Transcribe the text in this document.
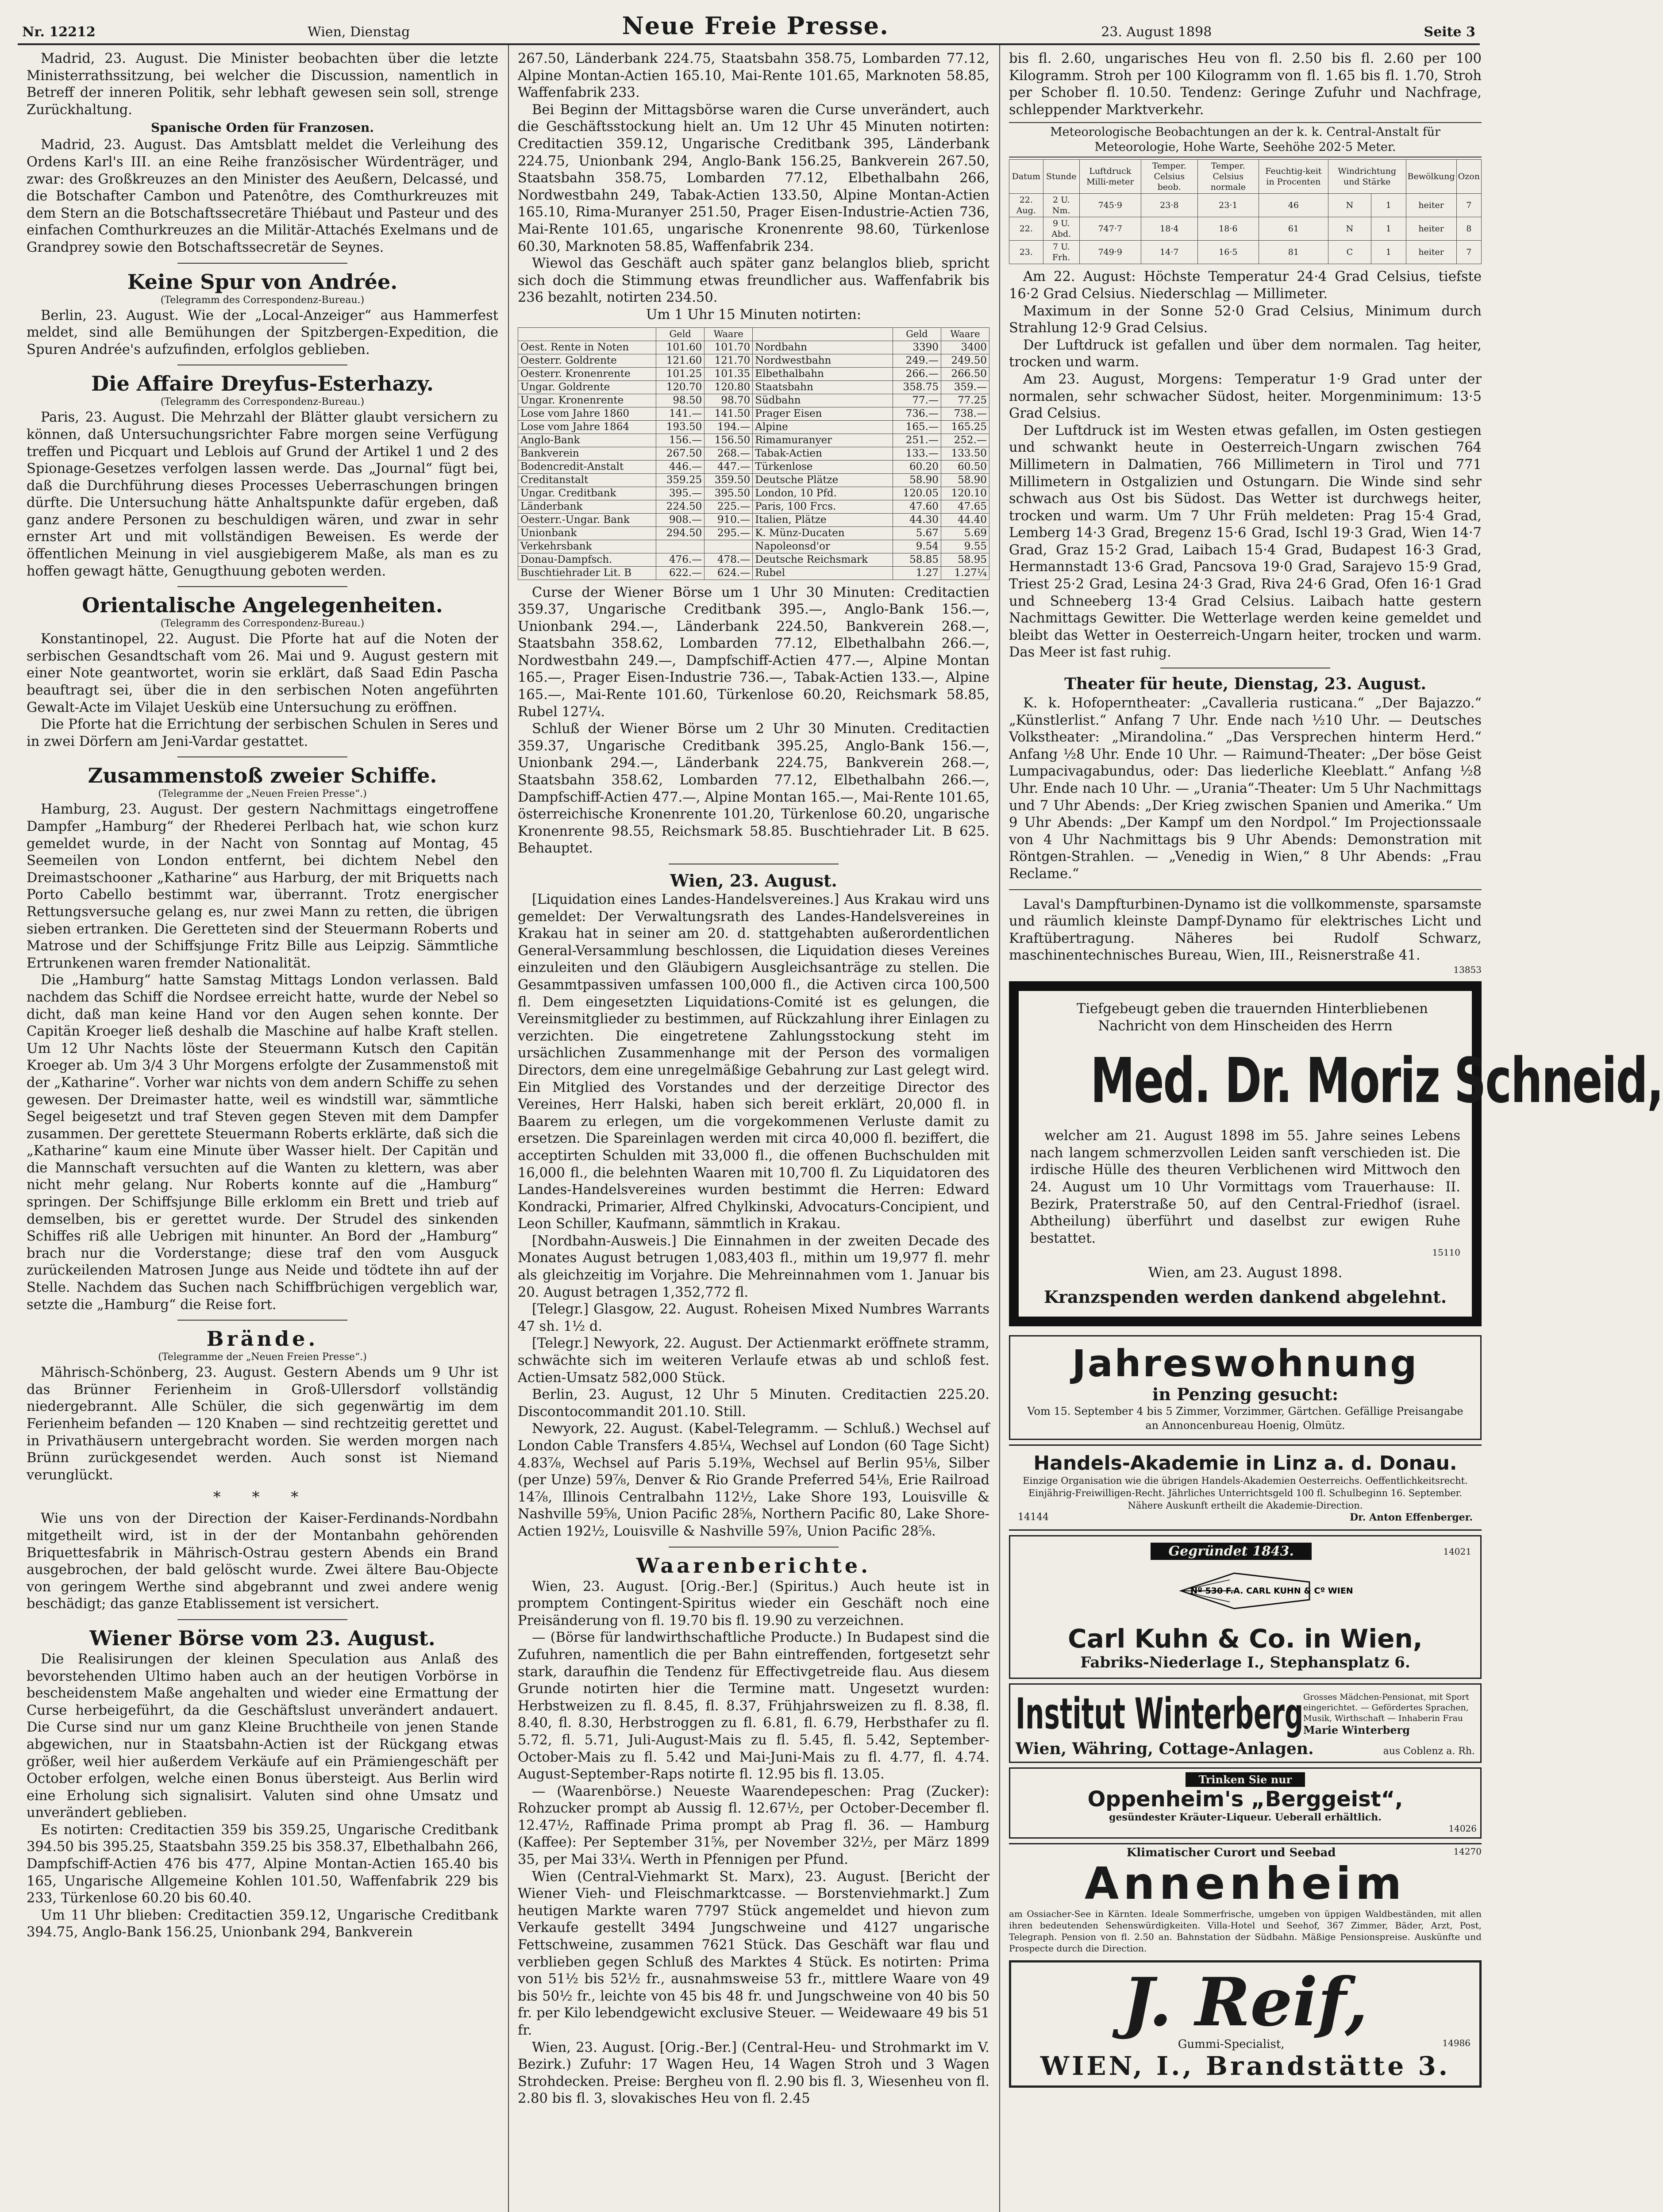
Nr. 12212	Wien, Dienstag	Neue Freie Presse.	23. August 1898	Seite 3

Madrid, 23. August. Die Minister beobachten über die letzte Ministerrathssitzung, bei welcher die Discussion, namentlich in Betreff der inneren Politik, sehr lebhaft gewesen sein soll, strenge Zurückhaltung.

Spanische Orden für Franzosen.

Madrid, 23. August. Das Amtsblatt meldet die Verleihung des Ordens Karl's III. an eine Reihe französischer Würdenträger, und zwar: des Großkreuzes an den Minister des Aeußern, Delcassé, und die Botschafter Cambon und Patenôtre, des Comthurkreuzes mit dem Stern an die Botschaftssecretäre Thiébaut und Pasteur und des einfachen Comthurkreuzes an die Militär-Attachés Exelmans und de Grandprey sowie den Botschaftssecretär de Seynes.

Keine Spur von Andrée.
(Telegramm des Correspondenz-Bureau.)

Berlin, 23. August. Wie der „Local-Anzeiger“ aus Hammerfest meldet, sind alle Bemühungen der Spitzbergen-Expedition, die Spuren Andrée's aufzufinden, erfolglos geblieben.

Die Affaire Dreyfus-Esterhazy.
(Telegramm des Correspondenz-Bureau.)

Paris, 23. August. Die Mehrzahl der Blätter glaubt versichern zu können, daß Untersuchungsrichter Fabre morgen seine Verfügung treffen und Picquart und Leblois auf Grund der Artikel 1 und 2 des Spionage-Gesetzes verfolgen lassen werde. Das „Journal“ fügt bei, daß die Durchführung dieses Processes Ueberraschungen bringen dürfte. Die Untersuchung hätte Anhaltspunkte dafür ergeben, daß ganz andere Personen zu beschuldigen wären, und zwar in sehr ernster Art und mit vollständigen Beweisen. Es werde der öffentlichen Meinung in viel ausgiebigerem Maße, als man es zu hoffen gewagt hätte, Genugthuung geboten werden.

Orientalische Angelegenheiten.
(Telegramm des Correspondenz-Bureau.)

Konstantinopel, 22. August. Die Pforte hat auf die Noten der serbischen Gesandtschaft vom 26. Mai und 9. August gestern mit einer Note geantwortet, worin sie erklärt, daß Saad Edin Pascha beauftragt sei, über die in den serbischen Noten angeführten Gewalt-Acte im Vilajet Uesküb eine Untersuchung zu eröffnen.

Die Pforte hat die Errichtung der serbischen Schulen in Seres und in zwei Dörfern am Jeni-Vardar gestattet.

Zusammenstoß zweier Schiffe.
(Telegramme der „Neuen Freien Presse“.)

Hamburg, 23. August. Der gestern Nachmittags eingetroffene Dampfer „Hamburg“ der Rhederei Perlbach hat, wie schon kurz gemeldet wurde, in der Nacht von Sonntag auf Montag, 45 Seemeilen von London entfernt, bei dichtem Nebel den Dreimastschooner „Katharine“ aus Harburg, der mit Briquetts nach Porto Cabello bestimmt war, überrannt. Trotz energischer Rettungsversuche gelang es, nur zwei Mann zu retten, die übrigen sieben ertranken. Die Geretteten sind der Steuermann Roberts und Matrose und der Schiffsjunge Fritz Bille aus Leipzig. Sämmtliche Ertrunkenen waren fremder Nationalität.

Die „Hamburg“ hatte Samstag Mittags London verlassen. Bald nachdem das Schiff die Nordsee erreicht hatte, wurde der Nebel so dicht, daß man keine Hand vor den Augen sehen konnte. Der Capitän Kroeger ließ deshalb die Maschine auf halbe Kraft stellen. Um 12 Uhr Nachts löste der Steuermann Kutsch den Capitän Kroeger ab. Um 3/4 3 Uhr Morgens erfolgte der Zusammenstoß mit der „Katharine“. Vorher war nichts von dem andern Schiffe zu sehen gewesen. Der Dreimaster hatte, weil es windstill war, sämmtliche Segel beigesetzt und traf Steven gegen Steven mit dem Dampfer zusammen. Der gerettete Steuermann Roberts erklärte, daß sich die „Katharine“ kaum eine Minute über Wasser hielt. Der Capitän und die Mannschaft versuchten auf die Wanten zu klettern, was aber nicht mehr gelang. Nur Roberts konnte auf die „Hamburg“ springen. Der Schiffsjunge Bille erklomm ein Brett und trieb auf demselben, bis er gerettet wurde. Der Strudel des sinkenden Schiffes riß alle Uebrigen mit hinunter. An Bord der „Hamburg“ brach nur die Vorderstange; diese traf den vom Ausguck zurückeilenden Matrosen Junge aus Neide und tödtete ihn auf der Stelle. Nachdem das Suchen nach Schiffbrüchigen vergeblich war, setzte die „Hamburg“ die Reise fort.

Brände.
(Telegramme der „Neuen Freien Presse“.)

Mährisch-Schönberg, 23. August. Gestern Abends um 9 Uhr ist das Brünner Ferienheim in Groß-Ullersdorf vollständig niedergebrannt. Alle Schüler, die sich gegenwärtig im dem Ferienheim befanden — 120 Knaben — sind rechtzeitig gerettet und in Privathäusern untergebracht worden. Sie werden morgen nach Brünn zurückgesendet werden. Auch sonst ist Niemand verunglückt.

* * *

Wie uns von der Direction der Kaiser-Ferdinands-Nordbahn mitgetheilt wird, ist in der der Montanbahn gehörenden Briquettesfabrik in Mährisch-Ostrau gestern Abends ein Brand ausgebrochen, der bald gelöscht wurde. Zwei ältere Bau-Objecte von geringem Werthe sind abgebrannt und zwei andere wenig beschädigt; das ganze Etablissement ist versichert.

Wiener Börse vom 23. August.

Die Realisirungen der kleinen Speculation aus Anlaß des bevorstehenden Ultimo haben auch an der heutigen Vorbörse in bescheidenstem Maße angehalten und wieder eine Ermattung der Curse herbeigeführt, da die Geschäftslust unverändert andauert. Die Curse sind nur um ganz Kleine Bruchtheile von jenen Stande abgewichen, nur in Staatsbahn-Actien ist der Rückgang etwas größer, weil hier außerdem Verkäufe auf ein Prämiengeschäft per October erfolgen, welche einen Bonus übersteigt. Aus Berlin wird eine Erholung sich signalisirt. Valuten sind ohne Umsatz und unverändert geblieben.

Es notirten: Creditactien 359 bis 359.25, Ungarische Creditbank 394.50 bis 395.25, Staatsbahn 359.25 bis 358.37, Elbethalbahn 266, Dampfschiff-Actien 476 bis 477, Alpine Montan-Actien 165.40 bis 165, Ungarische Allgemeine Kohlen 101.50, Waffenfabrik 229 bis 233, Türkenlose 60.20 bis 60.40.

Um 11 Uhr blieben: Creditactien 359.12, Ungarische Creditbank 394.75, Anglo-Bank 156.25, Unionbank 294, Bankverein

267.50, Länderbank 224.75, Staatsbahn 358.75, Lombarden 77.12, Alpine Montan-Actien 165.10, Mai-Rente 101.65, Marknoten 58.85, Waffenfabrik 233.

Bei Beginn der Mittagsbörse waren die Curse unverändert, auch die Geschäftsstockung hielt an. Um 12 Uhr 45 Minuten notirten: Creditactien 359.12, Ungarische Creditbank 395, Länderbank 224.75, Unionbank 294, Anglo-Bank 156.25, Bankverein 267.50, Staatsbahn 358.75, Lombarden 77.12, Elbethalbahn 266, Nordwestbahn 249, Tabak-Actien 133.50, Alpine Montan-Actien 165.10, Rima-Muranyer 251.50, Prager Eisen-Industrie-Actien 736, Mai-Rente 101.65, ungarische Kronenrente 98.60, Türkenlose 60.30, Marknoten 58.85, Waffenfabrik 234.

Wiewol das Geschäft auch später ganz belanglos blieb, spricht sich doch die Stimmung etwas freundlicher aus. Waffenfabrik bis 236 bezahlt, notirten 234.50.

Um 1 Uhr 15 Minuten notirten:

	Geld	Waare		Geld	Waare
Oest. Rente in Noten	101.60	101.70	Nordbahn	3390	3400
Oesterr. Goldrente	121.60	121.70	Nordwestbahn	249.—	249.50
Oesterr. Kronenrente	101.25	101.35	Elbethalbahn	266.—	266.50
Ungar. Goldrente	120.70	120.80	Staatsbahn	358.75	359.—
Ungar. Kronenrente	98.50	98.70	Südbahn	77.—	77.25
Lose vom Jahre 1860	141.—	141.50	Prager Eisen	736.—	738.—
Lose vom Jahre 1864	193.50	194.—	Alpine	165.—	165.25
Anglo-Bank	156.—	156.50	Rimamuranyer	251.—	252.—
Bankverein	267.50	268.—	Tabak-Actien	133.—	133.50
Bodencredit-Anstalt	446.—	447.—	Türkenlose	60.20	60.50
Creditanstalt	359.25	359.50	Deutsche Plätze	58.90	58.90
Ungar. Creditbank	395.—	395.50	London, 10 Pfd.	120.05	120.10
Länderbank	224.50	225.—	Paris, 100 Frcs.	47.60	47.65
Oesterr.-Ungar. Bank	908.—	910.—	Italien, Plätze	44.30	44.40
Unionbank	294.50	295.—	K. Münz-Ducaten	5.67	5.69
Verkehrsbank			Napoleonsd'or	9.54	9.55
Donau-Dampfsch.	476.—	478.—	Deutsche Reichsmark	58.85	58.95
Buschtiehrader Lit. B	622.—	624.—	Rubel	1.27	1.27¼

Curse der Wiener Börse um 1 Uhr 30 Minuten: Creditactien 359.37, Ungarische Creditbank 395.—, Anglo-Bank 156.—, Unionbank 294.—, Länderbank 224.50, Bankverein 268.—, Staatsbahn 358.62, Lombarden 77.12, Elbethalbahn 266.—, Nordwestbahn 249.—, Dampfschiff-Actien 477.—, Alpine Montan 165.—, Prager Eisen-Industrie 736.—, Tabak-Actien 133.—, Alpine 165.—, Mai-Rente 101.60, Türkenlose 60.20, Reichsmark 58.85, Rubel 127¼.

Schluß der Wiener Börse um 2 Uhr 30 Minuten. Creditactien 359.37, Ungarische Creditbank 395.25, Anglo-Bank 156.—, Unionbank 294.—, Länderbank 224.75, Bankverein 268.—, Staatsbahn 358.62, Lombarden 77.12, Elbethalbahn 266.—, Dampfschiff-Actien 477.—, Alpine Montan 165.—, Mai-Rente 101.65, österreichische Kronenrente 101.20, Türkenlose 60.20, ungarische Kronenrente 98.55, Reichsmark 58.85. Buschtiehrader Lit. B 625. Behauptet.

Wien, 23. August.

[Liquidation eines Landes-Handelsvereines.] Aus Krakau wird uns gemeldet: Der Verwaltungsrath des Landes-Handelsvereines in Krakau hat in seiner am 20. d. stattgehabten außerordentlichen General-Versammlung beschlossen, die Liquidation dieses Vereines einzuleiten und den Gläubigern Ausgleichsanträge zu stellen. Die Gesammtpassiven umfassen 100,000 fl., die Activen circa 100,500 fl. Dem eingesetzten Liquidations-Comité ist es gelungen, die Vereinsmitglieder zu bestimmen, auf Rückzahlung ihrer Einlagen zu verzichten. Die eingetretene Zahlungsstockung steht im ursächlichen Zusammenhange mit der Person des vormaligen Directors, dem eine unregelmäßige Gebahrung zur Last gelegt wird. Ein Mitglied des Vorstandes und der derzeitige Director des Vereines, Herr Halski, haben sich bereit erklärt, 20,000 fl. in Baarem zu erlegen, um die vorgekommenen Verluste damit zu ersetzen. Die Spareinlagen werden mit circa 40,000 fl. beziffert, die acceptirten Schulden mit 33,000 fl., die offenen Buchschulden mit 16,000 fl., die belehnten Waaren mit 10,700 fl. Zu Liquidatoren des Landes-Handelsvereines wurden bestimmt die Herren: Edward Kondracki, Primarier, Alfred Chylkinski, Advocaturs-Concipient, und Leon Schiller, Kaufmann, sämmtlich in Krakau.

[Nordbahn-Ausweis.] Die Einnahmen in der zweiten Decade des Monates August betrugen 1,083,403 fl., mithin um 19,977 fl. mehr als gleichzeitig im Vorjahre. Die Mehreinnahmen vom 1. Januar bis 20. August betragen 1,352,772 fl.

[Telegr.] Glasgow, 22. August. Roheisen Mixed Numbres Warrants 47 sh. 1½ d.

[Telegr.] Newyork, 22. August. Der Actienmarkt eröffnete stramm, schwächte sich im weiteren Verlaufe etwas ab und schloß fest. Actien-Umsatz 582,000 Stück.

Berlin, 23. August, 12 Uhr 5 Minuten. Creditactien 225.20. Discontocommandit 201.10. Still.

Newyork, 22. August. (Kabel-Telegramm. — Schluß.) Wechsel auf London Cable Transfers 4.85¼, Wechsel auf London (60 Tage Sicht) 4.83⅞, Wechsel auf Paris 5.19⅜, Wechsel auf Berlin 95⅛, Silber (per Unze) 59⅞, Denver & Rio Grande Preferred 54⅛, Erie Railroad 14⅞, Illinois Centralbahn 112½, Lake Shore 193, Louisville & Nashville 59⅝, Union Pacific 28⅝, Northern Pacific 80, Lake Shore-Actien 192½, Louisville & Nashville 59⅞, Union Pacific 28⅝.

Waarenberichte.

Wien, 23. August. [Orig.-Ber.] (Spiritus.) Auch heute ist in promptem Contingent-Spiritus wieder ein Geschäft noch eine Preisänderung von fl. 19.70 bis fl. 19.90 zu verzeichnen.

— (Börse für landwirthschaftliche Producte.) In Budapest sind die Zufuhren, namentlich die per Bahn eintreffenden, fortgesetzt sehr stark, daraufhin die Tendenz für Effectivgetreide flau. Aus diesem Grunde notirten hier die Termine matt. Ungesetzt wurden: Herbstweizen zu fl. 8.45, fl. 8.37, Frühjahrsweizen zu fl. 8.38, fl. 8.40, fl. 8.30, Herbstroggen zu fl. 6.81, fl. 6.79, Herbsthafer zu fl. 5.72, fl. 5.71, Juli-August-Mais zu fl. 5.45, fl. 5.42, September-October-Mais zu fl. 5.42 und Mai-Juni-Mais zu fl. 4.77, fl. 4.74. August-September-Raps notirte fl. 12.95 bis fl. 13.05.

— (Waarenbörse.) Neueste Waarendepeschen: Prag (Zucker): Rohzucker prompt ab Aussig fl. 12.67½, per October-December fl. 12.47½, Raffinade Prima prompt ab Prag fl. 36. — Hamburg (Kaffee): Per September 31⅝, per November 32½, per März 1899 35, per Mai 33¼. Werth in Pfennigen per Pfund.

Wien (Central-Viehmarkt St. Marx), 23. August. [Bericht der Wiener Vieh- und Fleischmarktcasse. — Borstenviehmarkt.] Zum heutigen Markte waren 7797 Stück angemeldet und hievon zum Verkaufe gestellt 3494 Jungschweine und 4127 ungarische Fettschweine, zusammen 7621 Stück. Das Geschäft war flau und verblieben gegen Schluß des Marktes 4 Stück. Es notirten: Prima von 51½ bis 52½ fr., ausnahmsweise 53 fr., mittlere Waare von 49 bis 50½ fr., leichte von 45 bis 48 fr. und Jungschweine von 40 bis 50 fr. per Kilo lebendgewicht exclusive Steuer. — Weidewaare 49 bis 51 fr.

Wien, 23. August. [Orig.-Ber.] (Central-Heu- und Strohmarkt im V. Bezirk.) Zufuhr: 17 Wagen Heu, 14 Wagen Stroh und 3 Wagen Strohdecken. Preise: Bergheu von fl. 2.90 bis fl. 3, Wiesenheu von fl. 2.80 bis fl. 3, slovakisches Heu von fl. 2.45

bis fl. 2.60, ungarisches Heu von fl. 2.50 bis fl. 2.60 per 100 Kilogramm. Stroh per 100 Kilogramm von fl. 1.65 bis fl. 1.70, Stroh per Schober fl. 10.50. Tendenz: Geringe Zufuhr und Nachfrage, schleppender Marktverkehr.

Meteorologische Beobachtungen an der k. k. Central-Anstalt für Meteorologie, Hohe Warte, Seehöhe 202·5 Meter.
Datum	Stunde	Luftdruck Milli-meter	Temper. Celsius beob.	Temper. Celsius normale	Feuchtig-keit in Procenten	Windrichtung und Stärke		Bewölkung	Ozon
22. Aug.	2 U. Nm.	745·9	23·8	23·1	46	N	1	heiter	7
22.	9 U. Abd.	747·7	18·4	18·6	61	N	1	heiter	8
23.	7 U. Frh.	749·9	14·7	16·5	81	C	1	heiter	7

Am 22. August: Höchste Temperatur 24·4 Grad Celsius, tiefste 16·2 Grad Celsius. Niederschlag — Millimeter.

Maximum in der Sonne 52·0 Grad Celsius, Minimum durch Strahlung 12·9 Grad Celsius.

Der Luftdruck ist gefallen und über dem normalen. Tag heiter, trocken und warm.

Am 23. August, Morgens: Temperatur 1·9 Grad unter der normalen, sehr schwacher Südost, heiter. Morgenminimum: 13·5 Grad Celsius.

Der Luftdruck ist im Westen etwas gefallen, im Osten gestiegen und schwankt heute in Oesterreich-Ungarn zwischen 764 Millimetern in Dalmatien, 766 Millimetern in Tirol und 771 Millimetern in Ostgalizien und Ostungarn. Die Winde sind sehr schwach aus Ost bis Südost. Das Wetter ist durchwegs heiter, trocken und warm. Um 7 Uhr Früh meldeten: Prag 15·4 Grad, Lemberg 14·3 Grad, Bregenz 15·6 Grad, Ischl 19·3 Grad, Wien 14·7 Grad, Graz 15·2 Grad, Laibach 15·4 Grad, Budapest 16·3 Grad, Hermannstadt 13·6 Grad, Pancsova 19·0 Grad, Sarajevo 15·9 Grad, Triest 25·2 Grad, Lesina 24·3 Grad, Riva 24·6 Grad, Ofen 16·1 Grad und Schneeberg 13·4 Grad Celsius. Laibach hatte gestern Nachmittags Gewitter. Die Wetterlage werden keine gemeldet und bleibt das Wetter in Oesterreich-Ungarn heiter, trocken und warm. Das Meer ist fast ruhig.

Theater für heute, Dienstag, 23. August.

K. k. Hofoperntheater: „Cavalleria rusticana.“ „Der Bajazzo.“ „Künstlerlist.“ Anfang 7 Uhr. Ende nach ½10 Uhr. — Deutsches Volkstheater: „Mirandolina.“ „Das Versprechen hinterm Herd.“ Anfang ½8 Uhr. Ende 10 Uhr. — Raimund-Theater: „Der böse Geist Lumpacivagabundus, oder: Das liederliche Kleeblatt.“ Anfang ½8 Uhr. Ende nach 10 Uhr. — „Urania“-Theater: Um 5 Uhr Nachmittags und 7 Uhr Abends: „Der Krieg zwischen Spanien und Amerika.“ Um 9 Uhr Abends: „Der Kampf um den Nordpol.“ Im Projectionssaale von 4 Uhr Nachmittags bis 9 Uhr Abends: Demonstration mit Röntgen-Strahlen. — „Venedig in Wien,“ 8 Uhr Abends: „Frau Reclame.“

Laval's Dampfturbinen-Dynamo ist die vollkommenste, sparsamste und räumlich kleinste Dampf-Dynamo für elektrisches Licht und Kraftübertragung. Näheres bei Rudolf Schwarz, maschinentechnisches Bureau, Wien, III., Reisnerstraße 41.

13853

Tiefgebeugt geben die trauernden Hinterbliebenen Nachricht von dem Hinscheiden des Herrn

Med. Dr. Moriz Schneid,

welcher am 21. August 1898 im 55. Jahre seines Lebens nach langem schmerzvollen Leiden sanft verschieden ist. Die irdische Hülle des theuren Verblichenen wird Mittwoch den 24. August um 10 Uhr Vormittags vom Trauerhause: II. Bezirk, Praterstraße 50, auf den Central-Friedhof (israel. Abtheilung) überführt und daselbst zur ewigen Ruhe bestattet.

15110
Wien, am 23. August 1898.
Kranzspenden werden dankend abgelehnt.
Jahreswohnung
in Penzing gesucht:
Vom 15. September 4 bis 5 Zimmer, Vorzimmer, Gärtchen. Gefällige Preisangabe an Annoncenbureau Hoenig, Olmütz.
Handels-Akademie in Linz a. d. Donau.
Einzige Organisation wie die übrigen Handels-Akademien Oesterreichs. Oeffentlichkeitsrecht. Einjährig-Freiwilligen-Recht. Jährliches Unterrichtsgeld 100 fl. Schulbeginn 16. September. Nähere Auskunft ertheilt die Akademie-Direction.
14144	Dr. Anton Effenberger.
Gegründet 1843.	14021
Nº 530 F.A. CARL KUHN & Cº WIEN
Carl Kuhn & Co. in Wien,
Fabriks-Niederlage I., Stephansplatz 6.
Institut Winterberg Grosses Mädchen-Pensionat, mit Sport eingerichtet. — Gefördertes Sprachen, Musik, Wirthschaft — Inhaberin Frau
Marie Winterberg
Wien, Währing, Cottage-Anlagen.	aus Coblenz a. Rh.
Trinken Sie nur
Oppenheim's „Berggeist“,
gesündester Kräuter-Liqueur. Ueberall erhältlich.
14026
Klimatischer Curort und Seebad	14270
Annenheim
am Ossiacher-See in Kärnten. Ideale Sommerfrische, umgeben von üppigen Waldbeständen, mit allen ihren bedeutenden Sehenswürdigkeiten. Villa-Hotel und Seehof, 367 Zimmer, Bäder, Arzt, Post, Telegraph. Pension von fl. 2.50 an. Bahnstation der Südbahn. Mäßige Pensionspreise. Auskünfte und Prospecte durch die Direction.
J. Reif,
Gummi-Specialist,	14986
WIEN, I., Brandstätte 3.
